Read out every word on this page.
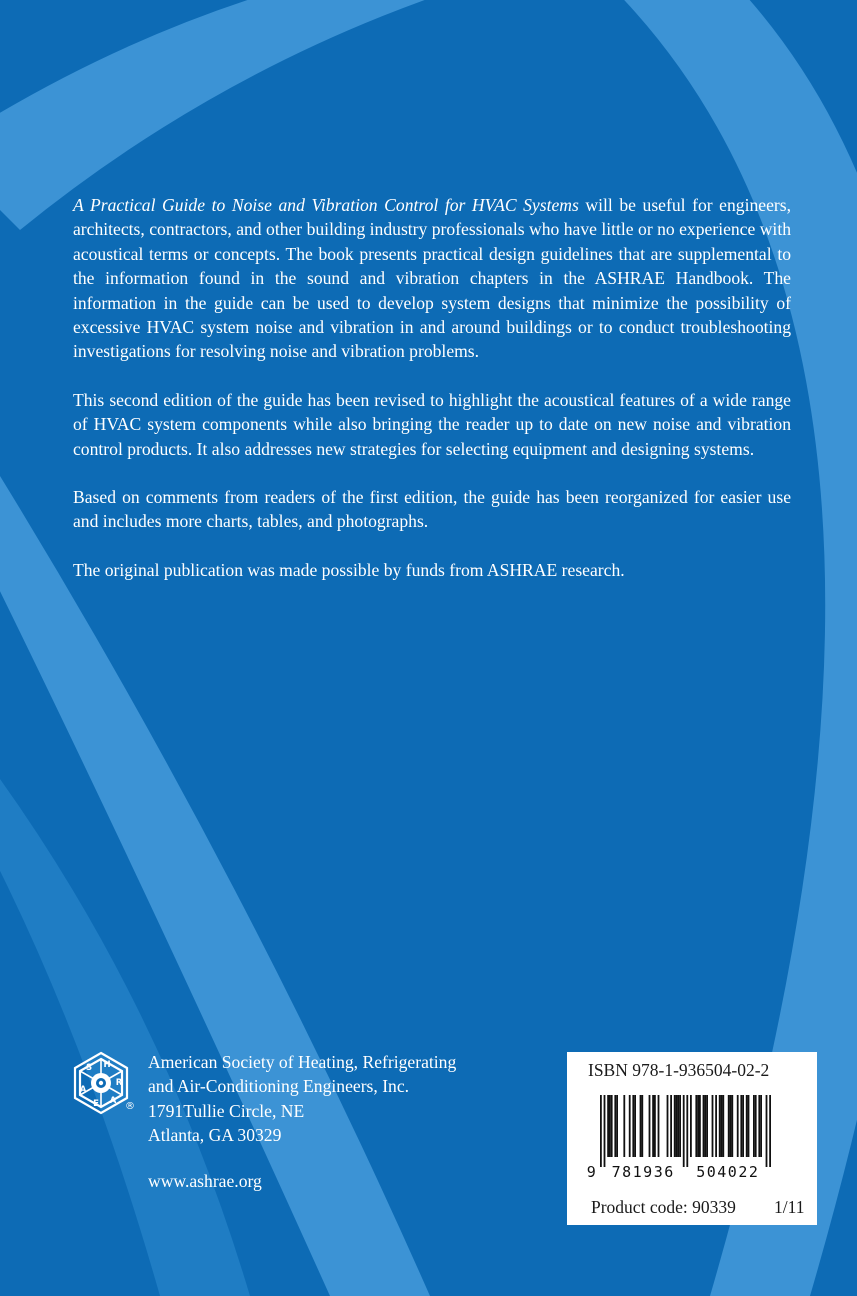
A Practical Guide to Noise and Vibration Control for HVAC Systems will be useful for engineers, architects, contractors, and other building industry professionals who have little or no experience with acoustical terms or concepts. The book presents practical design guidelines that are supplemental to the information found in the sound and vibration chapters in the ASHRAE Handbook. The information in the guide can be used to develop system designs that minimize the possibility of excessive HVAC system noise and vibration in and around buildings or to conduct troubleshooting investigations for resolving noise and vibration problems.

This second edition of the guide has been revised to highlight the acoustical features of a wide range of HVAC system components while also bringing the reader up to date on new noise and vibration control products. It also addresses new strategies for selecting equipment and designing systems.

Based on comments from readers of the first edition, the guide has been reorganized for easier use and includes more charts, tables, and photographs.

The original publication was made possible by funds from ASHRAE research.

S H
R
A
E
A
®
American Society of Heating, Refrigerating
and Air-Conditioning Engineers, Inc.
1791Tullie Circle, NE
Atlanta, GA 30329
www.ashrae.org
ISBN 978-1-936504-02-2
9 781936 504022
Product code: 90339 1/11
